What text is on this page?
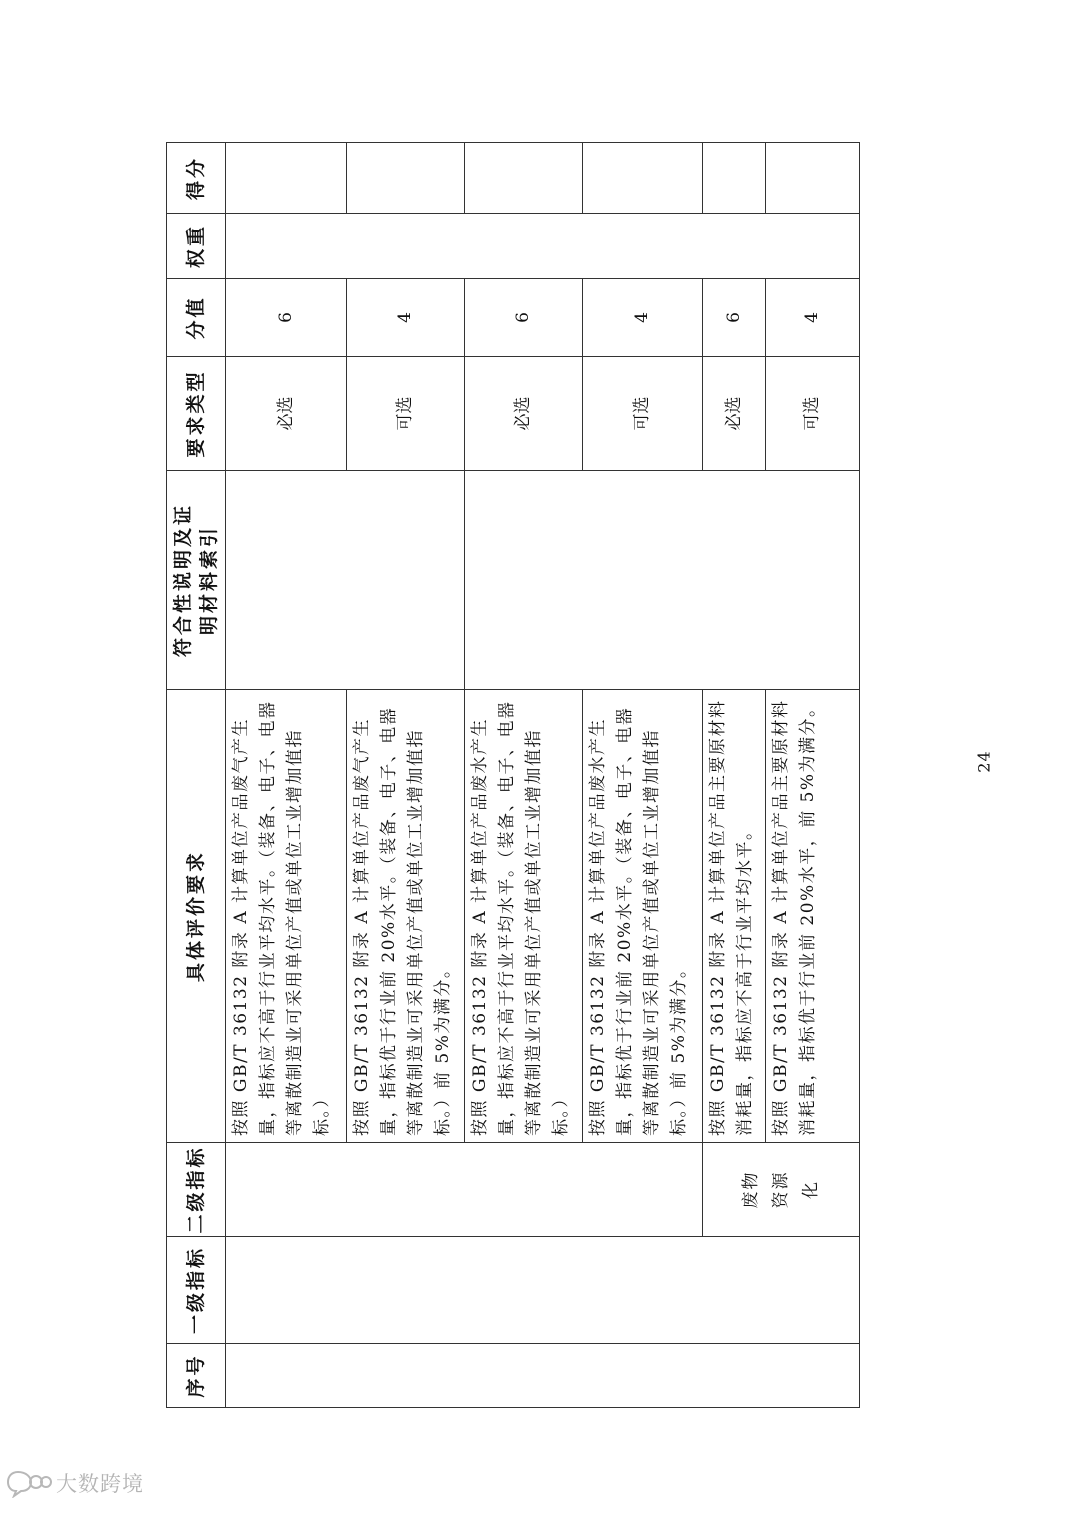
序号	一级指标	二级指标	具体评价要求	符合性说明及证明材料索引	要求类型	分值	权重	得分
			按照 GB/T 36132 附录 A 计算单位产品废气产生量，指标应不高于行业平均水平。（装备、电子、电器等离散制造业可采用单位产值或单位工业增加值指标。）		必选	6		
			按照 GB/T 36132 附录 A 计算单位产品废气产生量，指标优于行业前 20%水平。（装备、电子、电器等离散制造业可采用单位产值或单位工业增加值指标。）前 5%为满分。		可选	4		
			按照 GB/T 36132 附录 A 计算单位产品废水产生量，指标应不高于行业平均水平。（装备、电子、电器等离散制造业可采用单位产值或单位工业增加值指标。）		必选	6		
			按照 GB/T 36132 附录 A 计算单位产品废水产生量，指标优于行业前 20%水平。（装备、电子、电器等离散制造业可采用单位产值或单位工业增加值指标。）前 5%为满分。		可选	4		
		废物资源化	按照 GB/T 36132 附录 A 计算单位产品主要原材料消耗量，指标应不高于行业平均水平。		必选	6		
			按照 GB/T 36132 附录 A 计算单位产品主要原材料消耗量，指标优于行业前 20%水平，前 5%为满分。		可选	4		
24
大数跨境
